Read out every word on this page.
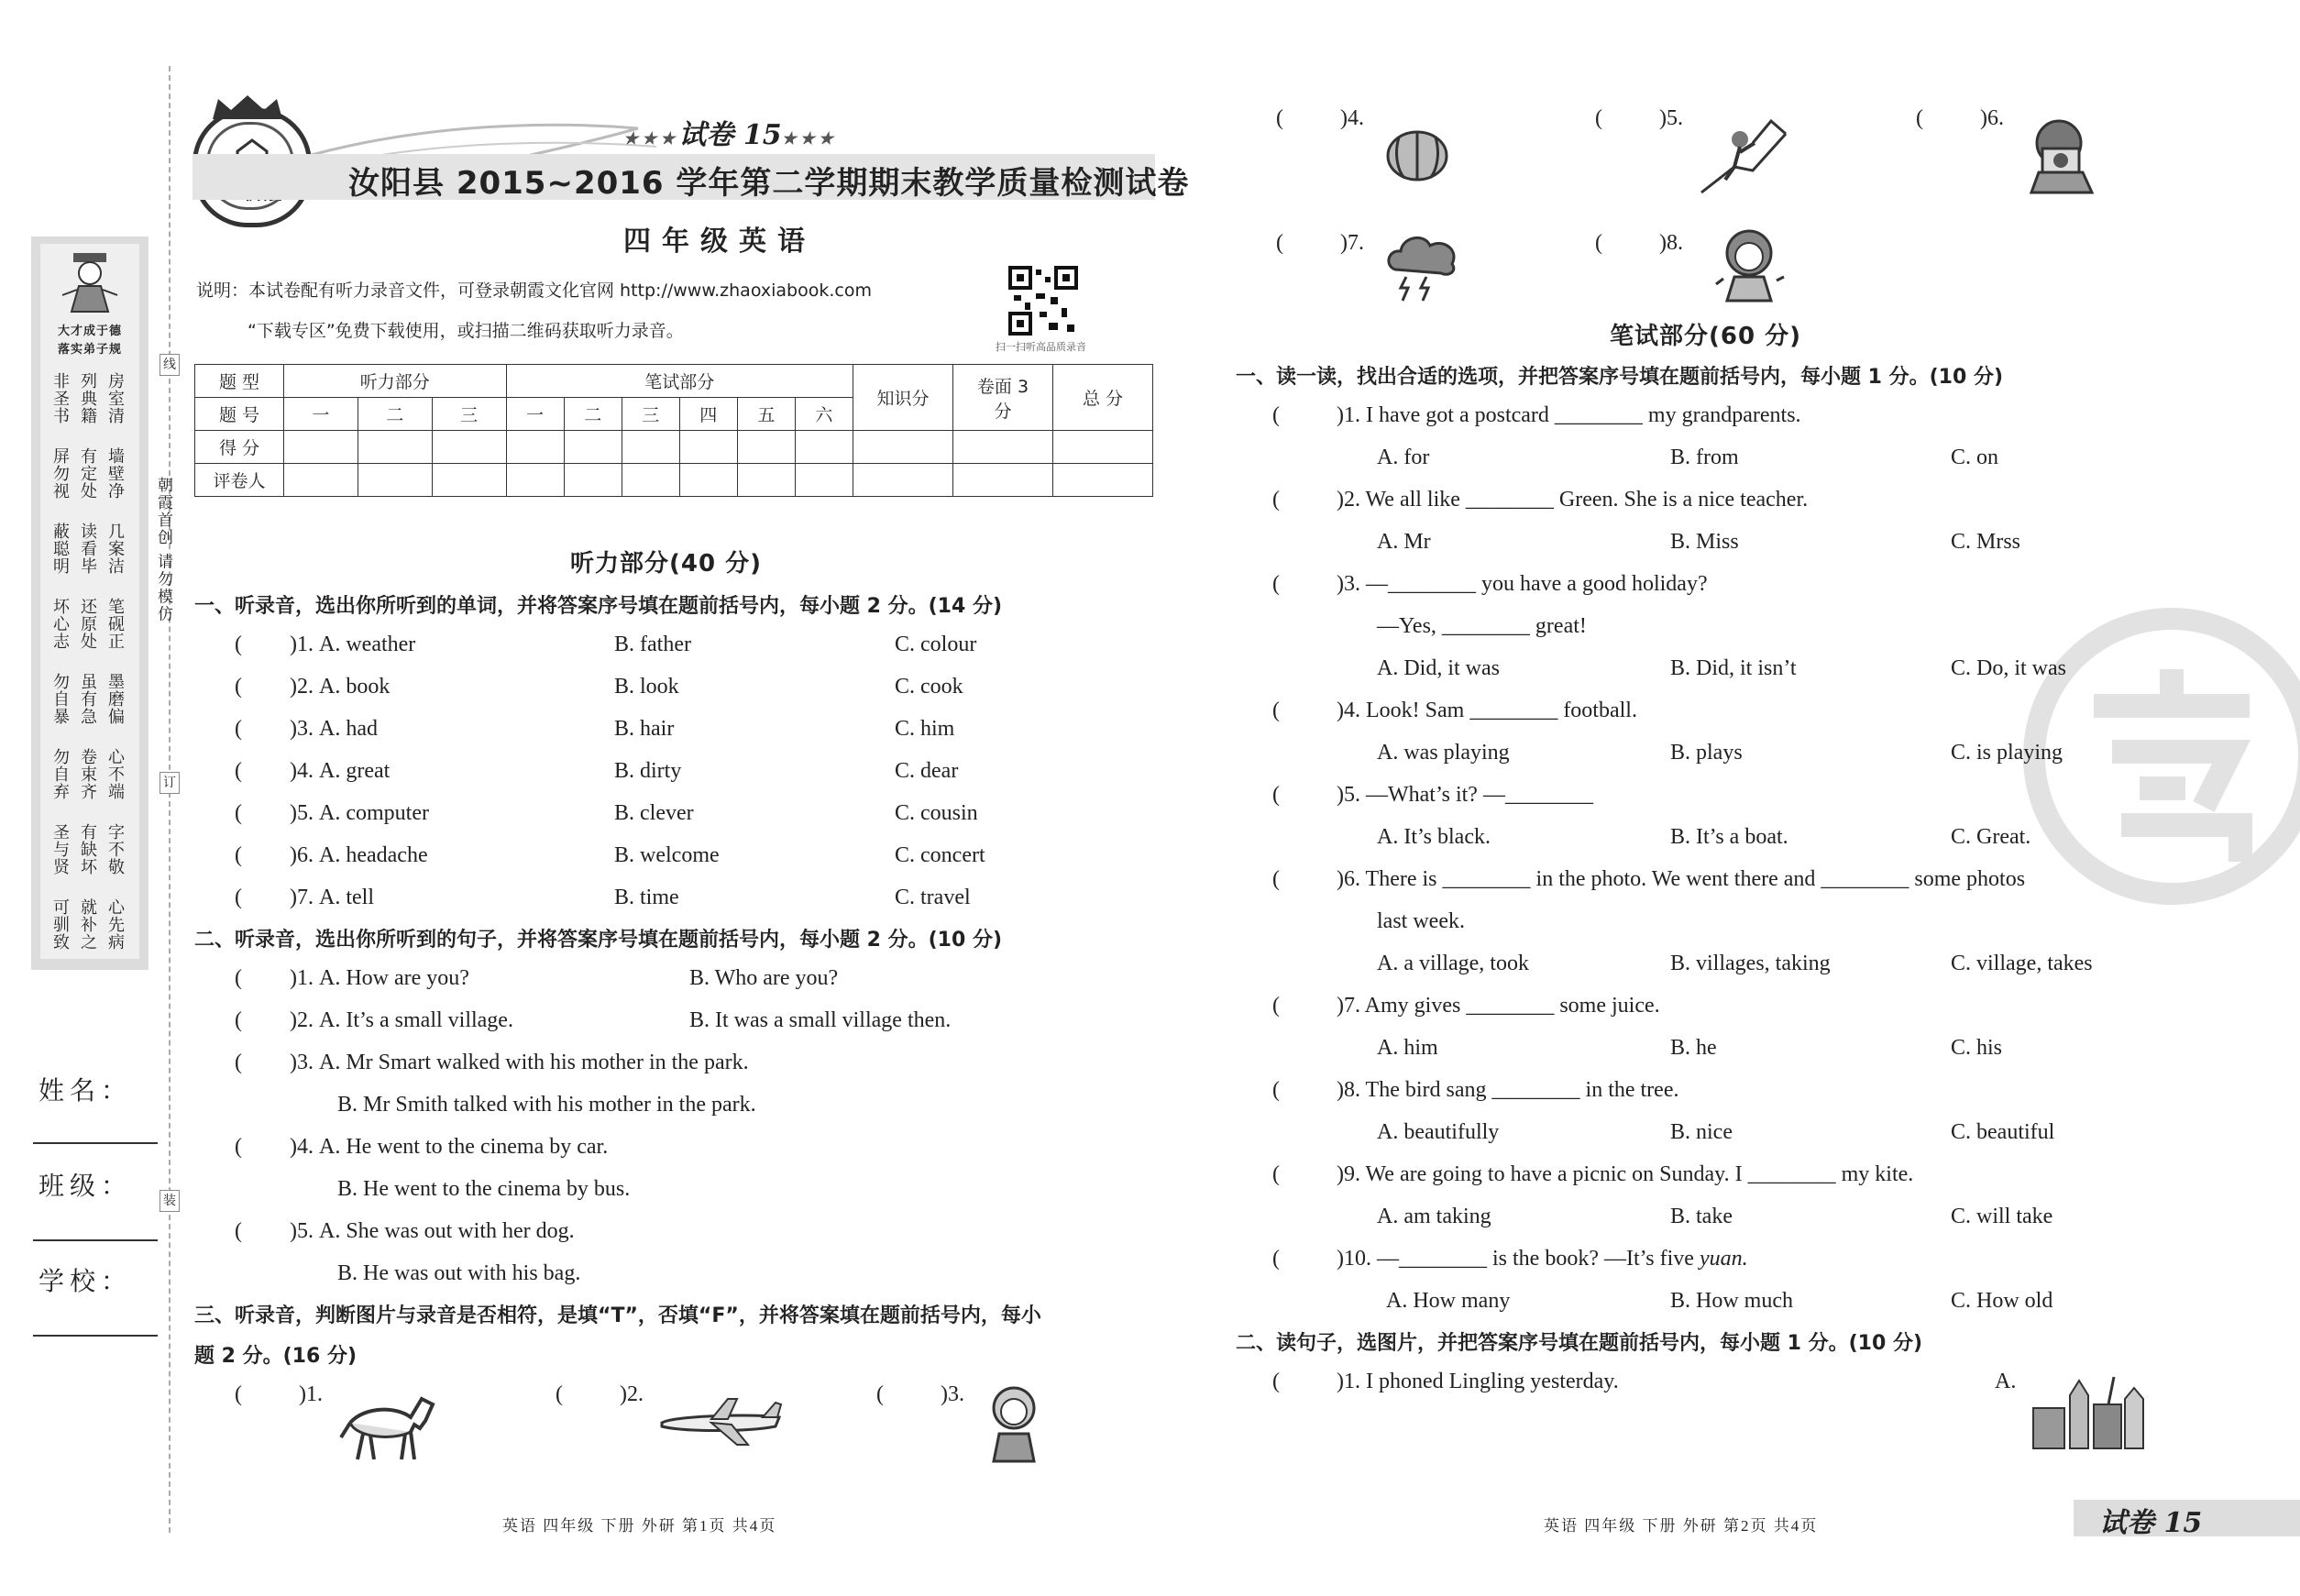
线
订
装
大才成于德
落实弟子规
非圣书 列典籍 房室清
屏勿视 有定处 墙壁净
蔽聪明 读看毕 几案洁
坏心志 还原处 笔砚正
勿自暴 虽有急 墨磨偏
勿自弃 卷束齐 心不端
圣与贤 有缺坏 字不敬
可驯致 就补之 心先病
朝霞首创 请勿模仿
姓名：
班级：
学校：
★★★试卷 15★★★
汝阳县 2015~2016 学年第二学期期末教学质量检测试卷
四年级英语
说明：本试卷配有听力录音文件，可登录朝霞文化官网 http://www.zhaoxiabook.com
“下载专区”免费下载使用，或扫描二维码获取听力录音。
扫一扫听高品质录音
题 型	听力部分			笔试部分						知识分	卷面 3分	总 分
题 号	一	二	三	一	二	三	四	五	六			
得 分												
评卷人												
听力部分(40 分)
一、听录音，选出你所听到的单词，并将答案序号填在题前括号内，每小题 2 分。(14 分)
( )1. A. weather	B. father	C. colour
( )2. A. book	B. look	C. cook
( )3. A. had	B. hair	C. him
( )4. A. great	B. dirty	C. dear
( )5. A. computer	B. clever	C. cousin
( )6. A. headache	B. welcome	C. concert
( )7. A. tell	B. time	C. travel
二、听录音，选出你所听到的句子，并将答案序号填在题前括号内，每小题 2 分。(10 分)
( )1. A. How are you?	B. Who are you?
( )2. A. It’s a small village.	B. It was a small village then.
( )3. A. Mr Smart walked with his mother in the park.
B. Mr Smith talked with his mother in the park.
( )4. A. He went to the cinema by car.
B. He went to the cinema by bus.
( )5. A. She was out with her dog.
B. He was out with his bag.
三、听录音，判断图片与录音是否相符，是填“T”，否填“F”，并将答案填在题前括号内，每小
题 2 分。(16 分)
(	)1.	(	)2.	(	)3.
英语 四年级 下册 外研 第1页 共4页
(	)4.	(	)5.	(	)6.
(	)7.	(	)8.
笔试部分(60 分)
一、读一读，找出合适的选项，并把答案序号填在题前括号内，每小题 1 分。(10 分)
(	)1. I have got a postcard ________ my grandparents.
A. for	B. from	C. on
(	)2. We all like ________ Green. She is a nice teacher.
A. Mr	B. Miss	C. Mrss
(	)3. —________ you have a good holiday?
—Yes, ________ great!
A. Did, it was	B. Did, it isn’t	C. Do, it was
(	)4. Look! Sam ________ football.
A. was playing	B. plays	C. is playing
(	)5. —What’s it? —________
A. It’s black.	B. It’s a boat.	C. Great.
(	)6. There is ________ in the photo. We went there and ________ some photos
last week.
A. a village, took	B. villages, taking	C. village, takes
(	)7. Amy gives ________ some juice.
A. him	B. he	C. his
(	)8. The bird sang ________ in the tree.
A. beautifully	B. nice	C. beautiful
(	)9. We are going to have a picnic on Sunday. I ________ my kite.
A. am taking	B. take	C. will take
(	)10. —________ is the book? —It’s five yuan.
A. How many	B. How much	C. How old
二、读句子，选图片，并把答案序号填在题前括号内，每小题 1 分。(10 分)
(	)1. I phoned Lingling yesterday.	A.
英语 四年级 下册 外研 第2页 共4页	试卷 15
